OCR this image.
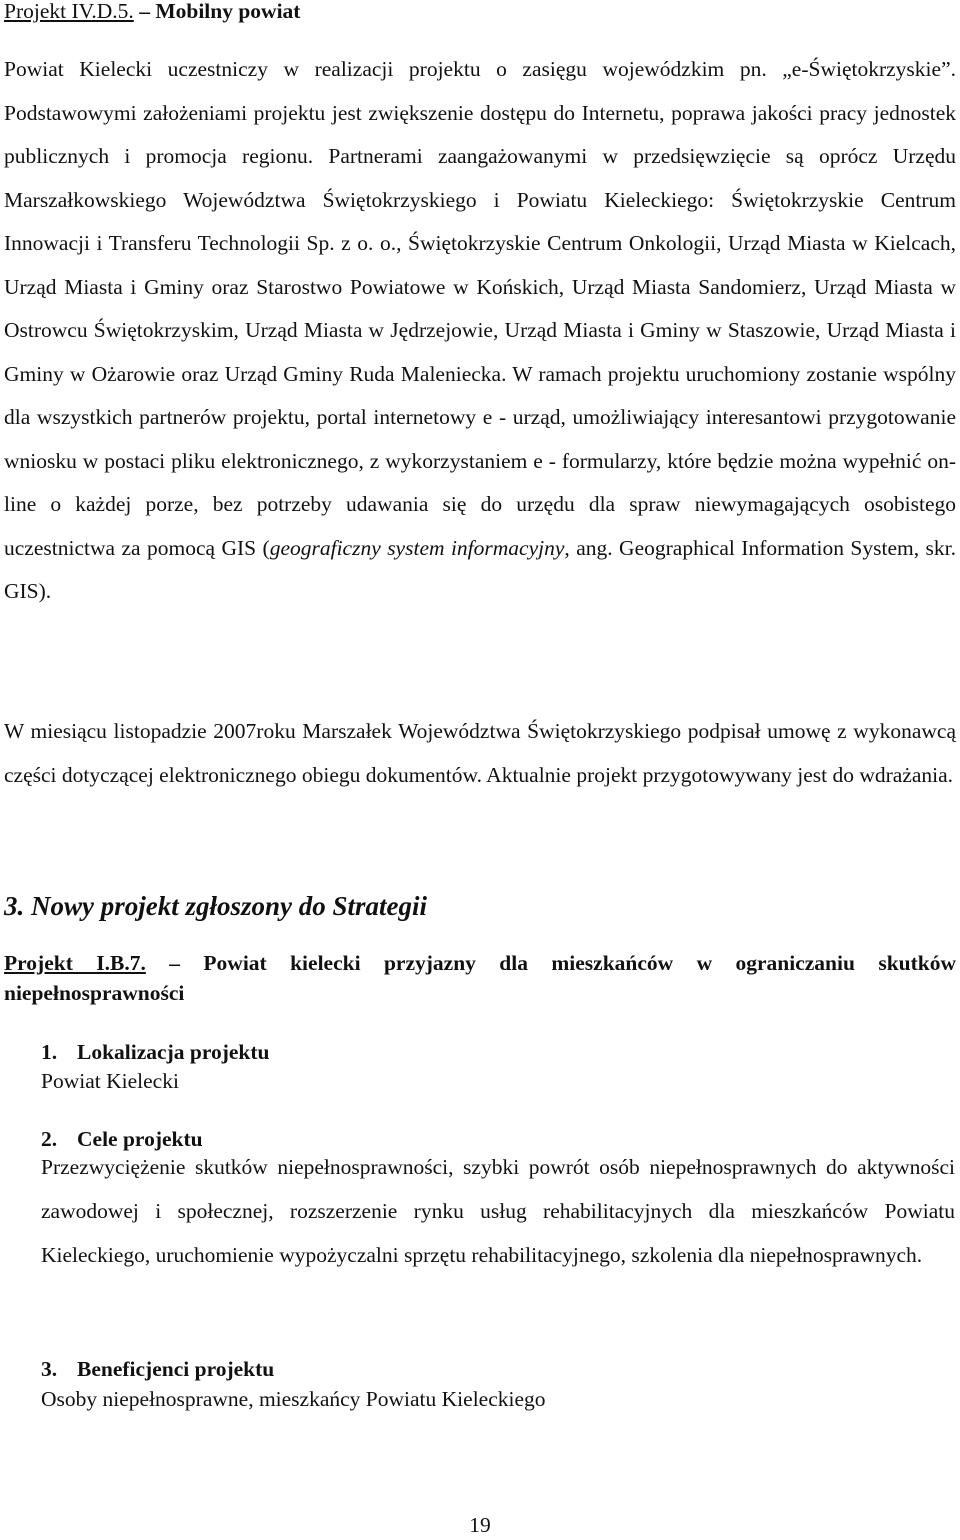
Projekt IV.D.5. – Mobilny powiat

Powiat Kielecki uczestniczy w realizacji projektu o zasięgu wojewódzkim pn. „e-Świętokrzyskie”. Podstawowymi założeniami projektu jest zwiększenie dostępu do Internetu, poprawa jakości pracy jednostek publicznych i promocja regionu. Partnerami zaangażowanymi w przedsięwzięcie są oprócz Urzędu Marszałkowskiego Województwa Świętokrzyskiego i Powiatu Kieleckiego: Świętokrzyskie Centrum Innowacji i Transferu Technologii Sp. z o. o., Świętokrzyskie Centrum Onkologii, Urząd Miasta w Kielcach, Urząd Miasta i Gminy oraz Starostwo Powiatowe w Końskich, Urząd Miasta Sandomierz, Urząd Miasta w Ostrowcu Świętokrzyskim, Urząd Miasta w Jędrzejowie, Urząd Miasta i Gminy w Staszowie, Urząd Miasta i Gminy w Ożarowie oraz Urząd Gminy Ruda Maleniecka. W ramach projektu uruchomiony zostanie wspólny dla wszystkich partnerów projektu, portal internetowy e - urząd, umożliwiający interesantowi przygotowanie wniosku w postaci pliku elektronicznego, z wykorzystaniem e - formularzy, które będzie można wypełnić on-line o każdej porze, bez potrzeby udawania się do urzędu dla spraw niewymagających osobistego uczestnictwa za pomocą GIS (geograficzny system informacyjny, ang. Geographical Information System, skr. GIS).

W miesiącu listopadzie 2007roku Marszałek Województwa Świętokrzyskiego podpisał umowę z wykonawcą części dotyczącej elektronicznego obiegu dokumentów. Aktualnie projekt przygotowywany jest do wdrażania.

3. Nowy projekt zgłoszony do Strategii

Projekt I.B.7. – Powiat kielecki przyjazny dla mieszkańców w ograniczaniu skutków niepełnosprawności

1. Lokalizacja projektu

Powiat Kielecki

2. Cele projektu

Przezwyciężenie skutków niepełnosprawności, szybki powrót osób niepełnosprawnych do aktywności zawodowej i społecznej, rozszerzenie rynku usług rehabilitacyjnych dla mieszkańców Powiatu Kieleckiego, uruchomienie wypożyczalni sprzętu rehabilitacyjnego, szkolenia dla niepełnosprawnych.

3. Beneficjenci projektu

Osoby niepełnosprawne, mieszkańcy Powiatu Kieleckiego

19
